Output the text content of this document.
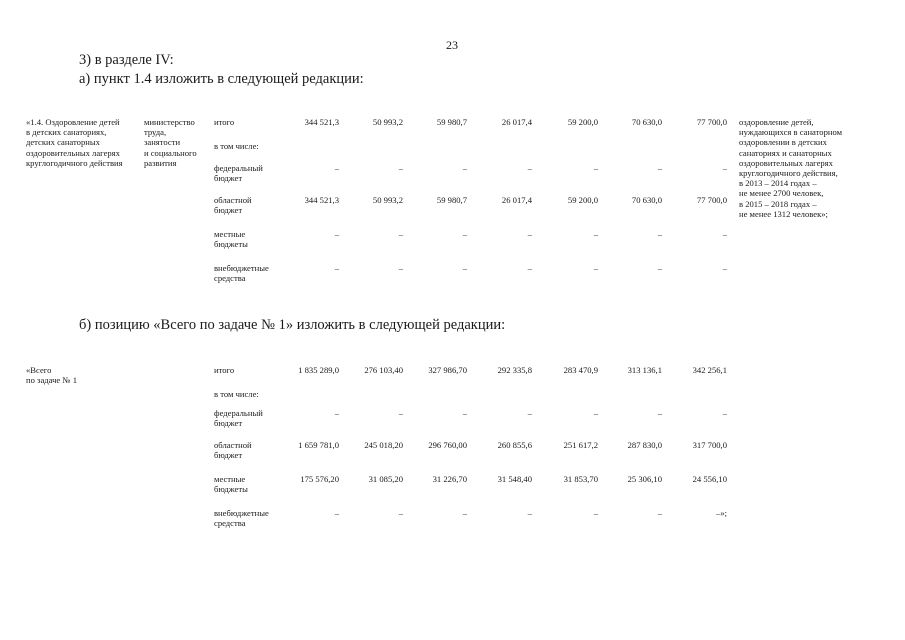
23
3) в разделе IV:
а) пункт 1.4 изложить в следующей редакции:
«1.4. Оздоровление детей
в детских санаториях,
детских санаторных
оздоровительных лагерях
круглогодичного действия
министерство
труда,
занятости
и социального
развития
оздоровление детей,
нуждающихся в санаторном
оздоровлении в детских
санаториях и санаторных
оздоровительных лагерях
круглогодичного действия,
в 2013 – 2014 годах –
не менее 2700 человек,
в 2015 – 2018 годах –
не менее 1312 человек»;
итого	344 521,3	50 993,2	59 980,7	26 017,4	59 200,0	70 630,0	77 700,0
в том числе:
федеральный
бюджет
–	–	–	–	–	–	–
областной
бюджет
344 521,3	50 993,2	59 980,7	26 017,4	59 200,0	70 630,0	77 700,0
местные
бюджеты
–	–	–	–	–	–	–
внебюджетные
средства
–	–	–	–	–	–	–
б) позицию «Всего по задаче № 1» изложить в следующей редакции:
«Всего
по задаче № 1
итого	1 835 289,0	276 103,40	327 986,70	292 335,8	283 470,9	313 136,1	342 256,1
в том числе:
федеральный
бюджет
–	–	–	–	–	–	–
областной
бюджет
1 659 781,0	245 018,20	296 760,00	260 855,6	251 617,2	287 830,0	317 700,0
местные
бюджеты
175 576,20	31 085,20	31 226,70	31 548,40	31 853,70	25 306,10	24 556,10
внебюджетные
средства
–	–	–	–	–	–	–»;
